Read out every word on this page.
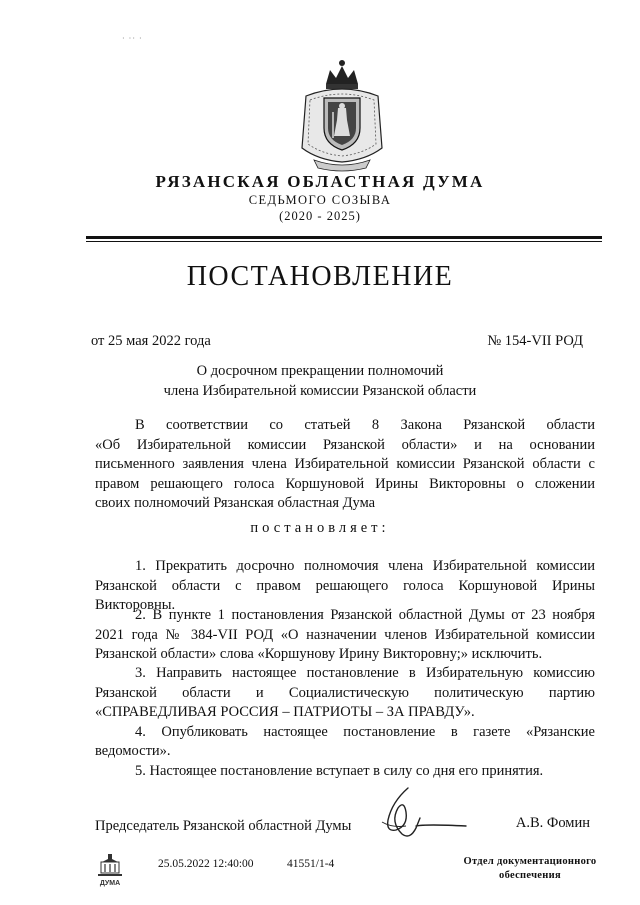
· ·· ·
РЯЗАНСКАЯ ОБЛАСТНАЯ ДУМА
СЕДЬМОГО СОЗЫВА
(2020 - 2025)
ПОСТАНОВЛЕНИЕ
от 25 мая 2022 года	№ 154-VII РОД
О досрочном прекращении полномочий
члена Избирательной комиссии Рязанской области
В соответствии со статьей 8 Закона Рязанской области
«Об Избирательной комиссии Рязанской области» и на основании
письменного заявления члена Избирательной комиссии Рязанской области с
правом решающего голоса Коршуновой Ирины Викторовны о сложении
своих полномочий Рязанская областная Дума
постановляет:
1. Прекратить досрочно полномочия члена Избирательной комиссии
Рязанской области с правом решающего голоса Коршуновой Ирины
Викторовны.
2. В пункте 1 постановления Рязанской областной Думы от 23 ноября
2021 года № 384-VII РОД «О назначении членов Избирательной комиссии
Рязанской области» слова «Коршунову Ирину Викторовну;» исключить.
3. Направить настоящее постановление в Избирательную комиссию
Рязанской области и Социалистическую политическую партию
«СПРАВЕДЛИВАЯ РОССИЯ – ПАТРИОТЫ – ЗА ПРАВДУ».
4. Опубликовать настоящее постановление в газете «Рязанские
ведомости».
5. Настоящее постановление вступает в силу со дня его принятия.
Председатель Рязанской областной Думы	А.В. Фомин
ДУМА
25.05.2022 12:40:00	41551/1-4	Отдел документационного
обеспечения
